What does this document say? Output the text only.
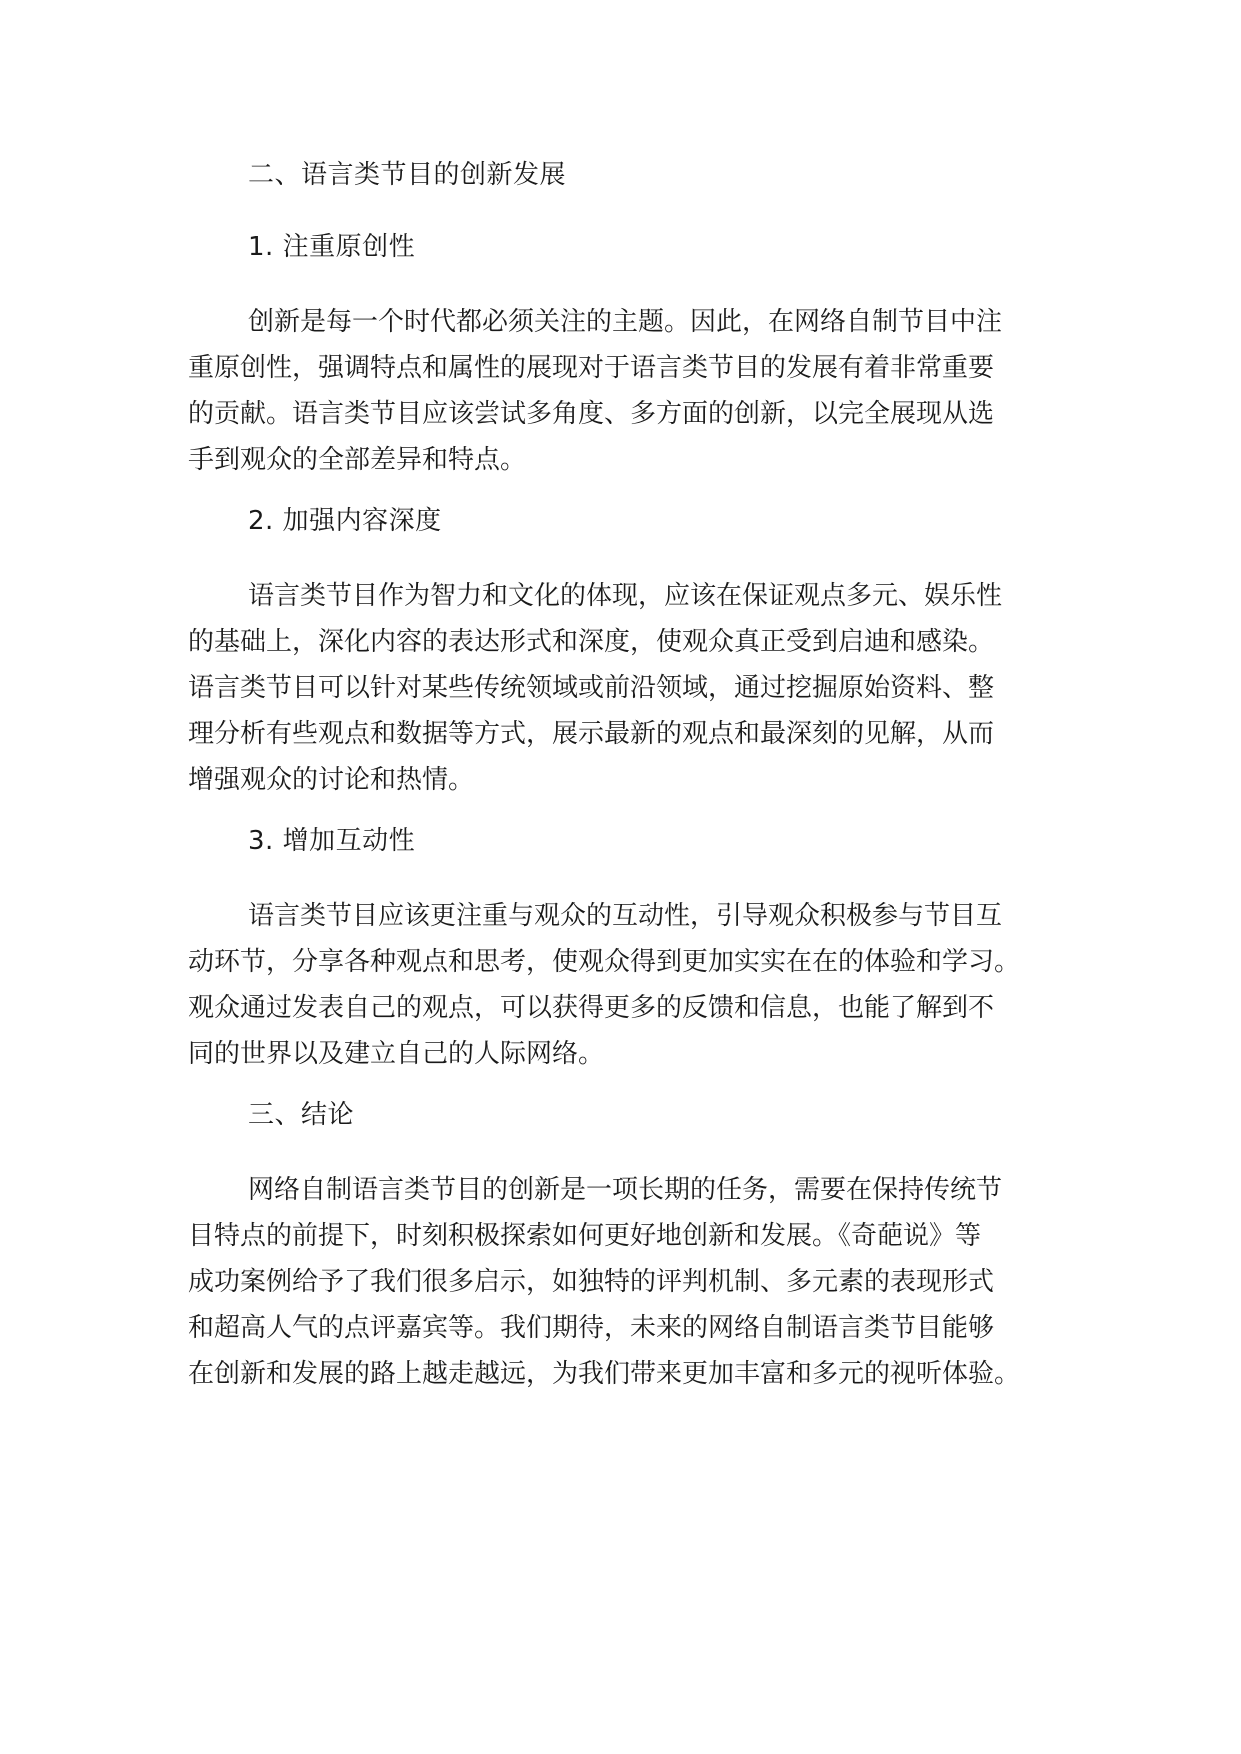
二、语言类节目的创新发展
1. 注重原创性

创新是每一个时代都必须关注的主题。因此，在网络自制节目中注
重原创性，强调特点和属性的展现对于语言类节目的发展有着非常重要
的贡献。语言类节目应该尝试多角度、多方面的创新，以完全展现从选
手到观众的全部差异和特点。

2. 加强内容深度

语言类节目作为智力和文化的体现，应该在保证观点多元、娱乐性
的基础上，深化内容的表达形式和深度，使观众真正受到启迪和感染。
语言类节目可以针对某些传统领域或前沿领域，通过挖掘原始资料、整
理分析有些观点和数据等方式，展示最新的观点和最深刻的见解，从而
增强观众的讨论和热情。

3. 增加互动性

语言类节目应该更注重与观众的互动性，引导观众积极参与节目互
动环节，分享各种观点和思考，使观众得到更加实实在在的体验和学习。
观众通过发表自己的观点，可以获得更多的反馈和信息，也能了解到不
同的世界以及建立自己的人际网络。

三、结论

网络自制语言类节目的创新是一项长期的任务，需要在保持传统节
目特点的前提下，时刻积极探索如何更好地创新和发展。《奇葩说》等
成功案例给予了我们很多启示，如独特的评判机制、多元素的表现形式
和超高人气的点评嘉宾等。我们期待，未来的网络自制语言类节目能够
在创新和发展的路上越走越远，为我们带来更加丰富和多元的视听体验。
